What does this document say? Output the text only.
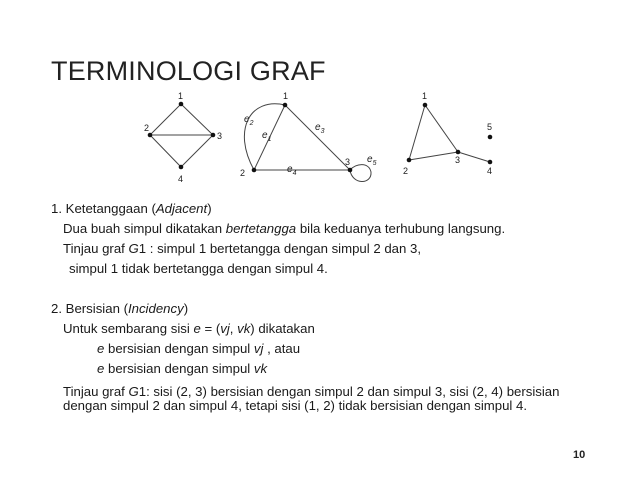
TERMINOLOGI GRAF
1
2
3
4
1
2
3
$e_2$
$e_1$
$e_3$
$e_4$
$e_5$
1
2
3
4
5
1. Ketetanggaan (Adjacent)
Dua buah simpul dikatakan bertetangga bila keduanya terhubung langsung.
Tinjau graf G1 : simpul 1 bertetangga dengan simpul 2 dan 3,
simpul 1 tidak bertetangga dengan simpul 4.
2. Bersisian (Incidency)
Untuk sembarang sisi e = (vj, vk) dikatakan
e bersisian dengan simpul vj , atau
e bersisian dengan simpul vk
Tinjau graf G1: sisi (2, 3) bersisian dengan simpul 2 dan simpul 3, sisi (2, 4) bersisian
dengan simpul 2 dan simpul 4, tetapi sisi (1, 2) tidak bersisian dengan simpul 4.
10
